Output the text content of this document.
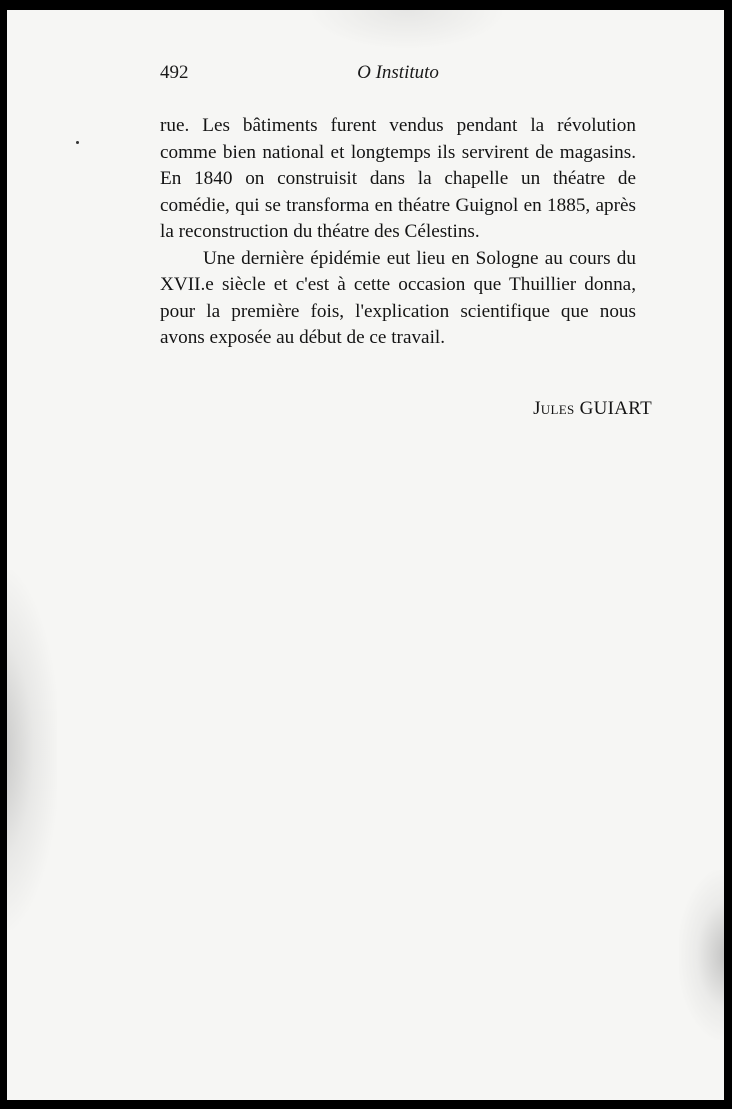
492	O Instituto

rue. Les bâtiments furent vendus pendant la révolution comme bien national et longtemps ils servirent de magasins. En 1840 on construisit dans la chapelle un théatre de comédie, qui se transforma en théatre Guignol en 1885, après la reconstruction du théatre des Célestins.

Une dernière épidémie eut lieu en Sologne au cours du XVII.e siècle et c'est à cette occasion que Thuillier donna, pour la première fois, l'explication scientifique que nous avons exposée au début de ce travail.

Jules GUIART
